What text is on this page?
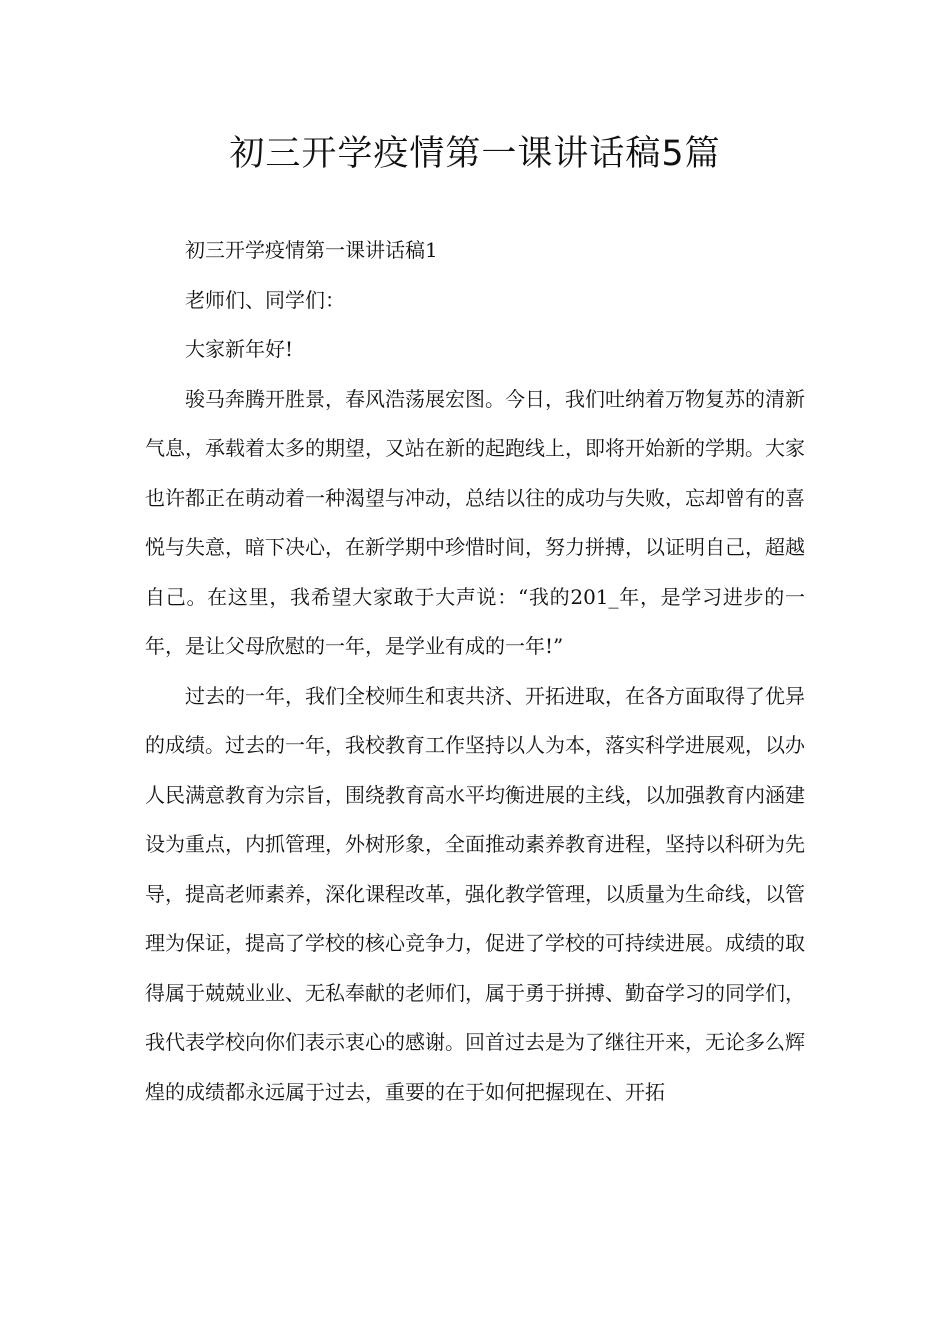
初三开学疫情第一课讲话稿5篇

初三开学疫情第一课讲话稿1

老师们、同学们：

大家新年好!

骏马奔腾开胜景，春风浩荡展宏图。今日，我们吐纳着万物复苏的清新气息，承载着太多的期望，又站在新的起跑线上，即将开始新的学期。大家也许都正在萌动着一种渴望与冲动，总结以往的成功与失败，忘却曾有的喜悦与失意，暗下决心，在新学期中珍惜时间，努力拼搏，以证明自己，超越自己。在这里，我希望大家敢于大声说：“我的201_年，是学习进步的一年，是让父母欣慰的一年，是学业有成的一年!”

过去的一年，我们全校师生和衷共济、开拓进取，在各方面取得了优异的成绩。过去的一年，我校教育工作坚持以人为本，落实科学进展观，以办人民满意教育为宗旨，围绕教育高水平均衡进展的主线，以加强教育内涵建设为重点，内抓管理，外树形象，全面推动素养教育进程，坚持以科研为先导，提高老师素养，深化课程改革，强化教学管理，以质量为生命线，以管理为保证，提高了学校的核心竞争力，促进了学校的可持续进展。成绩的取得属于兢兢业业、无私奉献的老师们，属于勇于拼搏、勤奋学习的同学们，我代表学校向你们表示衷心的感谢。回首过去是为了继往开来，无论多么辉煌的成绩都永远属于过去，重要的在于如何把握现在、开拓
